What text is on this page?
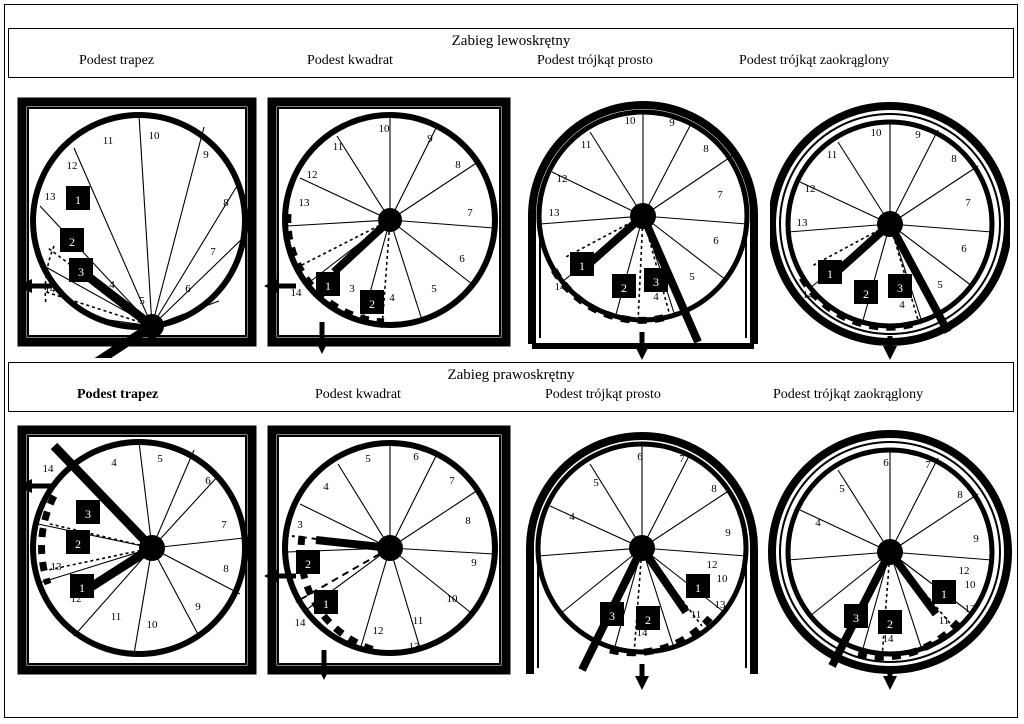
Zabieg lewoskrętny
Podest trapez	Podest kwadrat	Podest trójkąt prosto	Podest trójkąt zaokrąglony
1
2
3
12
11	10
9
8
7
6
5
4
14
13
1
2
12
11
10
9
8
7
6
5
4
3
13
14
1
2 3
12
11
10	9
8
7
6
5
4
13
14
1
2 3
12
11
10	9
8
7
6
5
4
13
14
Zabieg prawoskrętny
Podest trapez	Podest kwadrat	Podest trójkąt prosto	Podest trójkąt zaokrąglony
3
2
1
14	4	5
6
7
8
9
10
11
12
13	2
1
3
4
5	6
7
8
9
10
11
12
13
14	3	2
1
4
5
6	7
8
9
10
11
12
13
14
3 2
1
4
5
6	7
8
9
10
11
12
13
14
